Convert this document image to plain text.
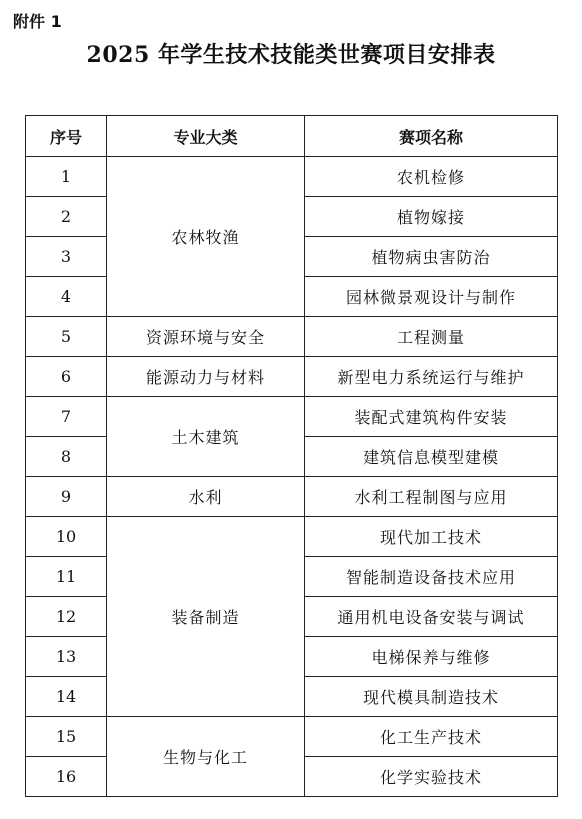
附件 1
2025 年学生技术技能类世赛项目安排表
序号	专业大类	赛项名称
1	农林牧渔	农机检修
2		植物嫁接
3		植物病虫害防治
4		园林微景观设计与制作
5	资源环境与安全	工程测量
6	能源动力与材料	新型电力系统运行与维护
7	土木建筑	装配式建筑构件安装
8		建筑信息模型建模
9	水利	水利工程制图与应用
10	装备制造	现代加工技术
11		智能制造设备技术应用
12		通用机电设备安装与调试
13		电梯保养与维修
14		现代模具制造技术
15	生物与化工	化工生产技术
16		化学实验技术
